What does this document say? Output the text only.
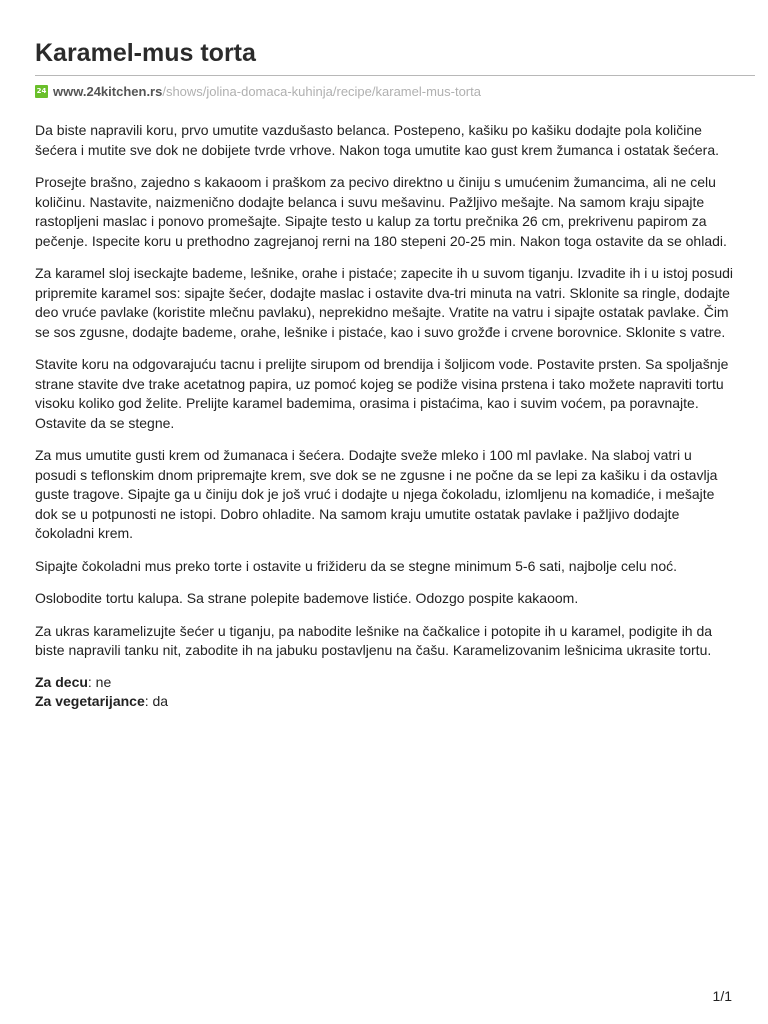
Karamel-mus torta
24 www.24kitchen.rs /shows/jolina-domaca-kuhinja/recipe/karamel-mus-torta

Da biste napravili koru, prvo umutite vazdušasto belanca. Postepeno, kašiku po kašiku dodajte pola količine šećera i mutite sve dok ne dobijete tvrde vrhove. Nakon toga umutite kao gust krem žumanca i ostatak šećera.

Prosejte brašno, zajedno s kakaoom i praškom za pecivo direktno u činiju s umućenim žumancima, ali ne celu količinu. Nastavite, naizmenično dodajte belanca i suvu mešavinu. Pažljivo mešajte. Na samom kraju sipajte rastopljeni maslac i ponovo promešajte. Sipajte testo u kalup za tortu prečnika 26 cm, prekrivenu papirom za pečenje. Ispecite koru u prethodno zagrejanoj rerni na 180 stepeni 20-25 min. Nakon toga ostavite da se ohladi.

Za karamel sloj iseckajte bademe, lešnike, orahe i pistaće; zapecite ih u suvom tiganju. Izvadite ih i u istoj posudi pripremite karamel sos: sipajte šećer, dodajte maslac i ostavite dva-tri minuta na vatri. Sklonite sa ringle, dodajte deo vruće pavlake (koristite mlečnu pavlaku), neprekidno mešajte. Vratite na vatru i sipajte ostatak pavlake. Čim se sos zgusne, dodajte bademe, orahe, lešnike i pistaće, kao i suvo grožđe i crvene borovnice. Sklonite s vatre.

Stavite koru na odgovarajuću tacnu i prelijte sirupom od brendija i šoljicom vode. Postavite prsten. Sa spoljašnje strane stavite dve trake acetatnog papira, uz pomoć kojeg se podiže visina prstena i tako možete napraviti tortu visoku koliko god želite. Prelijte karamel bademima, orasima i pistaćima, kao i suvim voćem, pa poravnajte. Ostavite da se stegne.

Za mus umutite gusti krem od žumanaca i šećera. Dodajte sveže mleko i 100 ml pavlake. Na slaboj vatri u posudi s teflonskim dnom pripremajte krem, sve dok se ne zgusne i ne počne da se lepi za kašiku i da ostavlja guste tragove. Sipajte ga u činiju dok je još vruć i dodajte u njega čokoladu, izlomljenu na komadiće, i mešajte dok se u potpunosti ne istopi. Dobro ohladite. Na samom kraju umutite ostatak pavlake i pažljivo dodajte čokoladni krem.

Sipajte čokoladni mus preko torte i ostavite u frižideru da se stegne minimum 5-6 sati, najbolje celu noć.

Oslobodite tortu kalupa. Sa strane polepite bademove listiće. Odozgo pospite kakaoom.

Za ukras karamelizujte šećer u tiganju, pa nabodite lešnike na čačkalice i potopite ih u karamel, podigite ih da biste napravili tanku nit, zabodite ih na jabuku postavljenu na čašu. Karamelizovanim lešnicima ukrasite tortu.

Za decu: ne
Za vegetarijance: da
1/1
